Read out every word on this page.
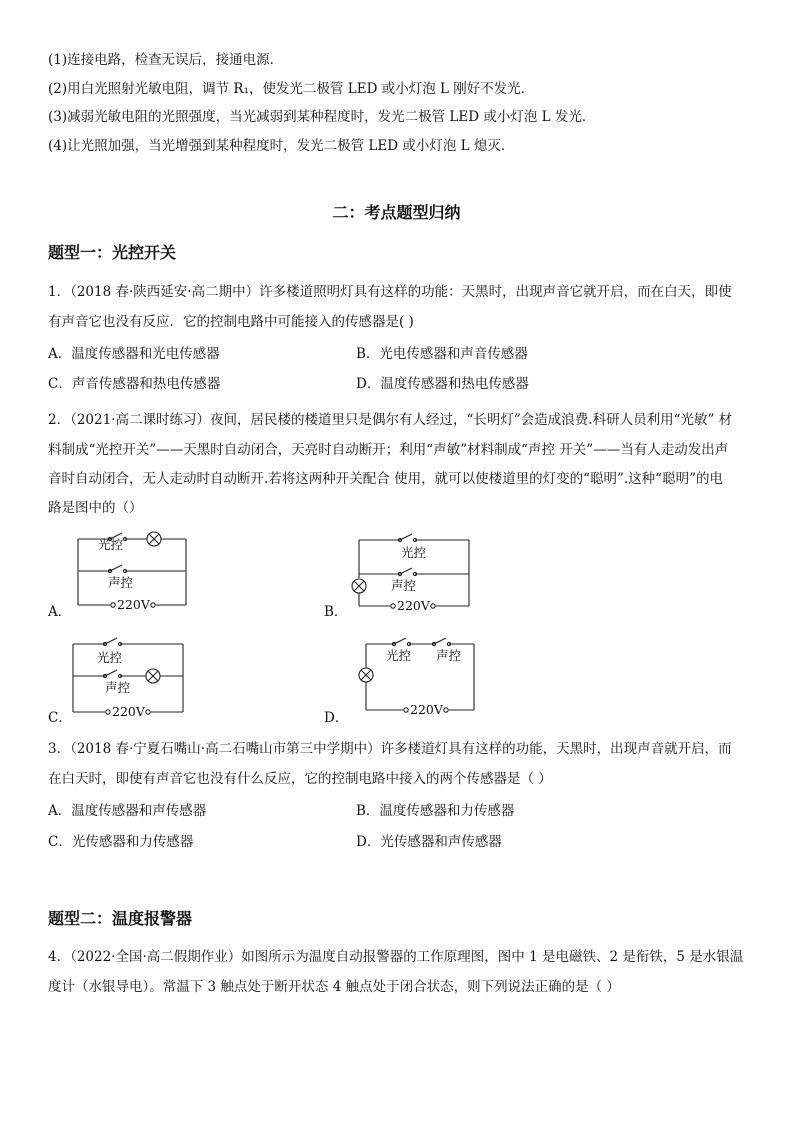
(1)连接电路，检查无误后，接通电源．
(2)用白光照射光敏电阻，调节 R₁，使发光二极管 LED 或小灯泡 L 刚好不发光．
(3)减弱光敏电阻的光照强度，当光减弱到某种程度时，发光二极管 LED 或小灯泡 L 发光．
(4)让光照加强，当光增强到某种程度时，发光二极管 LED 或小灯泡 L 熄灭．
二：考点题型归纳
题型一：光控开关
1．（2018 春·陕西延安·高二期中）许多楼道照明灯具有这样的功能：天黑时，出现声音它就开启，而在白天，即使
有声音它也没有反应．它的控制电路中可能接入的传感器是( )
A．温度传感器和光电传感器	B．光电传感器和声音传感器
C．声音传感器和热电传感器	D．温度传感器和热电传感器
2．（2021·高二课时练习）夜间，居民楼的楼道里只是偶尔有人经过，“长明灯”会造成浪费.科研人员利用“光敏” 材
料制成“光控开关”——天黑时自动闭合，天亮时自动断开；利用“声敏”材料制成“声控 开关”——当有人走动发出声
音时自动闭合，无人走动时自动断开.若将这两种开关配合 使用，就可以使楼道里的灯变的“聪明”.这种“聪明”的电
路是图中的（）
A．
光控
声控
220V	B．
光控
声控
220V
C．
光控
声控
220V	D．
光控 声控
220V
3．（2018 春·宁夏石嘴山·高二石嘴山市第三中学期中）许多楼道灯具有这样的功能，天黑时，出现声音就开启，而
在白天时，即使有声音它也没有什么反应，它的控制电路中接入的两个传感器是（ ）
A．温度传感器和声传感器	B．温度传感器和力传感器
C．光传感器和力传感器	D．光传感器和声传感器
题型二：温度报警器
4．（2022·全国·高二假期作业）如图所示为温度自动报警器的工作原理图，图中 1 是电磁铁、2 是衔铁，5 是水银温
度计（水银导电）。常温下 3 触点处于断开状态 4 触点处于闭合状态，则下列说法正确的是（ ）
